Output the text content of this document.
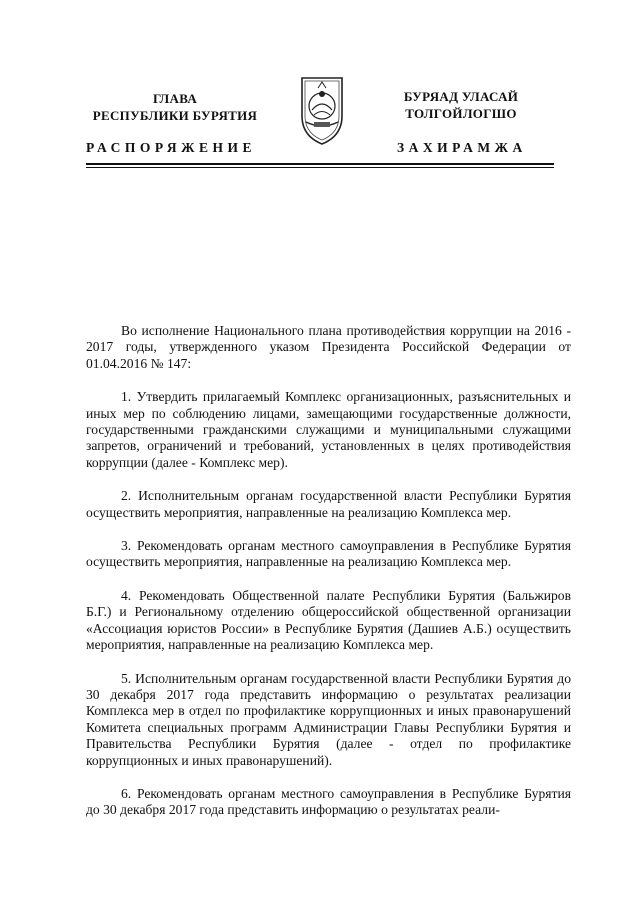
ГЛАВА
РЕСПУБЛИКИ БУРЯТИЯ
БУРЯАД УЛАСАЙ
ТОЛГОЙЛОГШО
РАСПОРЯЖЕНИЕ	ЗАХИРАМЖА

Во исполнение Национального плана противодействия коррупции на 2016 - 2017 годы, утвержденного указом Президента Российской Федерации от 01.04.2016 № 147:

1. Утвердить прилагаемый Комплекс организационных, разъяснительных и иных мер по соблюдению лицами, замещающими государственные должности, государственными гражданскими служащими и муниципальными служащими запретов, ограничений и требований, установленных в целях противодействия коррупции (далее - Комплекс мер).

2. Исполнительным органам государственной власти Республики Бурятия осуществить мероприятия, направленные на реализацию Комплекса мер.

3. Рекомендовать органам местного самоуправления в Республике Бурятия осуществить мероприятия, направленные на реализацию Комплекса мер.

4. Рекомендовать Общественной палате Республики Бурятия (Бальжиров Б.Г.) и Региональному отделению общероссийской общественной организации «Ассоциация юристов России» в Республике Бурятия (Дашиев А.Б.) осуществить мероприятия, направленные на реализацию Комплекса мер.

5. Исполнительным органам государственной власти Республики Бурятия до 30 декабря 2017 года представить информацию о результатах реализации Комплекса мер в отдел по профилактике коррупционных и иных правонарушений Комитета специальных программ Администрации Главы Республики Бурятия и Правительства Республики Бурятия (далее - отдел по профилактике коррупционных и иных правонарушений).

6. Рекомендовать органам местного самоуправления в Республике Бурятия до 30 декабря 2017 года представить информацию о результатах реали-
